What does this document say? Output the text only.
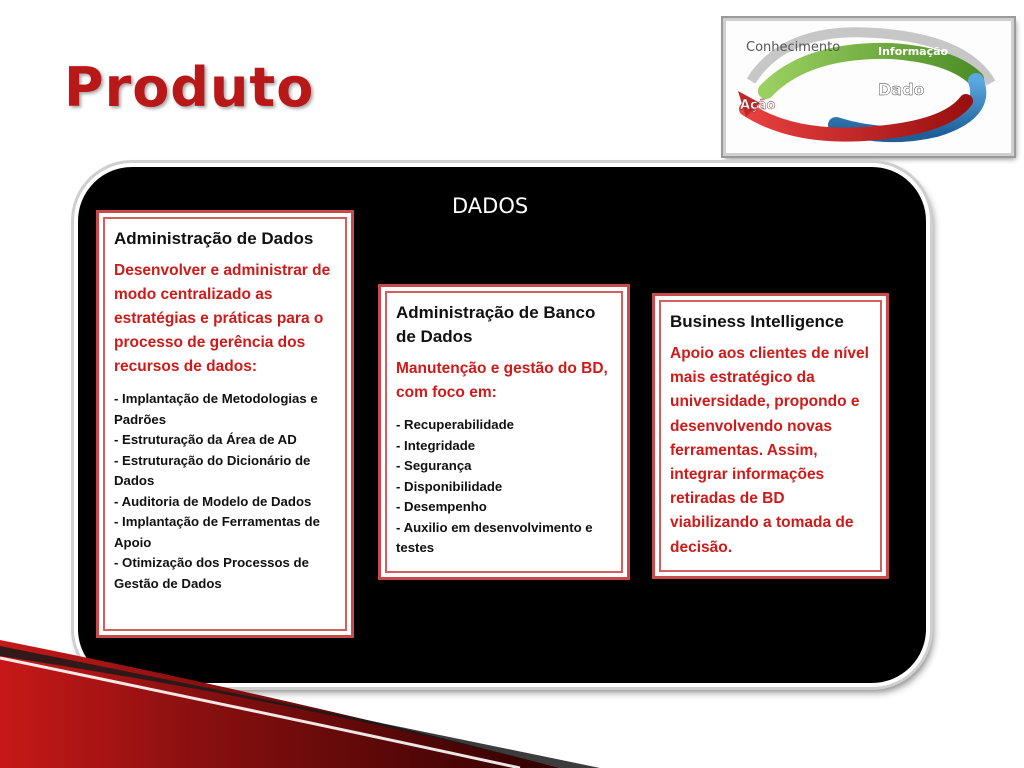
Produto
Conhecimento	Informação
Dado
Ação
DADOS
Administração de Dados
Desenvolver e administrar de modo centralizado as estratégias e práticas para o processo de gerência dos recursos de dados:
- Implantação de Metodologias e Padrões
- Estruturação da Área de AD
- Estruturação do Dicionário de Dados
- Auditoria de Modelo de Dados
- Implantação de Ferramentas de Apoio
- Otimização dos Processos de Gestão de Dados
Administração de Banco de Dados
Manutenção e gestão do BD, com foco em:
- Recuperabilidade
- Integridade
- Segurança
- Disponibilidade
- Desempenho
- Auxilio em desenvolvimento e testes
Business Intelligence
Apoio aos clientes de nível mais estratégico da universidade, propondo e desenvolvendo novas ferramentas. Assim, integrar informações retiradas de BD viabilizando a tomada de decisão.
